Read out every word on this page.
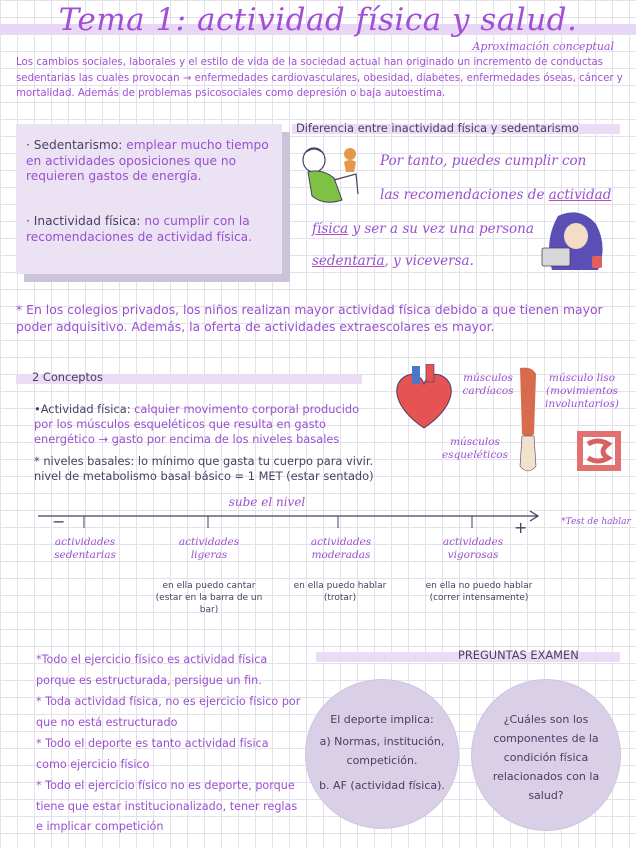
Tema 1: actividad física y salud.
Aproximación conceptual
Los cambios sociales, laborales y el estilo de vida de la sociedad actual han originado un incremento de conductas sedentarias las cuales provocan → enfermedades cardiovasculares, obesidad, diabetes, enfermedades óseas, cáncer y mortalidad. Además de problemas psicosociales como depresión o baja autoestima.
· Sedentarismo: emplear mucho tiempo en actividades oposiciones que no requieren gastos de energía.
· Inactividad física: no cumplir con la recomendaciones de actividad física.
Diferencia entre inactividad física y sedentarismo
Por tanto, puedes cumplir con
las recomendaciones de actividad
física y ser a su vez una persona
sedentaria, y viceversa.
* En los colegios privados, los niños realizan mayor actividad física debido a que tienen mayor poder adquisitivo. Además, la oferta de actividades extraescolares es mayor.
2 Conceptos
•Actividad física: calquier movimento corporal producido por los músculos esqueléticos que resulta en gasto energético → gasto por encima de los niveles basales
* niveles basales: lo mínimo que gasta tu cuerpo para vivir. nivel de metabolismo basal básico = 1 MET (estar sentado)
músculos cardíacos
músculo liso (movimientos involuntarios)
músculos esqueléticos
sube el nivel
−	+	*Test de hablar
actividades sedentarias
actividades ligeras
actividades moderadas
actividades vigorosas
en ella puedo cantar (estar en la barra de un bar)
en ella puedo hablar (trotar)
en ella no puedo hablar (correr intensamente)
*Todo el ejercicio físico es actividad física porque es estructurada, persigue un fin.
* Toda actividad física, no es ejercicio físico por que no está estructurado
* Todo el deporte es tanto actividad física como ejercicio físico
* Todo el ejercicio físico no es deporte, porque tiene que estar institucionalizado, tener reglas e implicar competición
PREGUNTAS EXAMEN
El deporte implica:
a) Normas, institución, competición.
b. AF (actividad física).
¿Cuáles son los componentes de la condición física relacionados con la salud?
